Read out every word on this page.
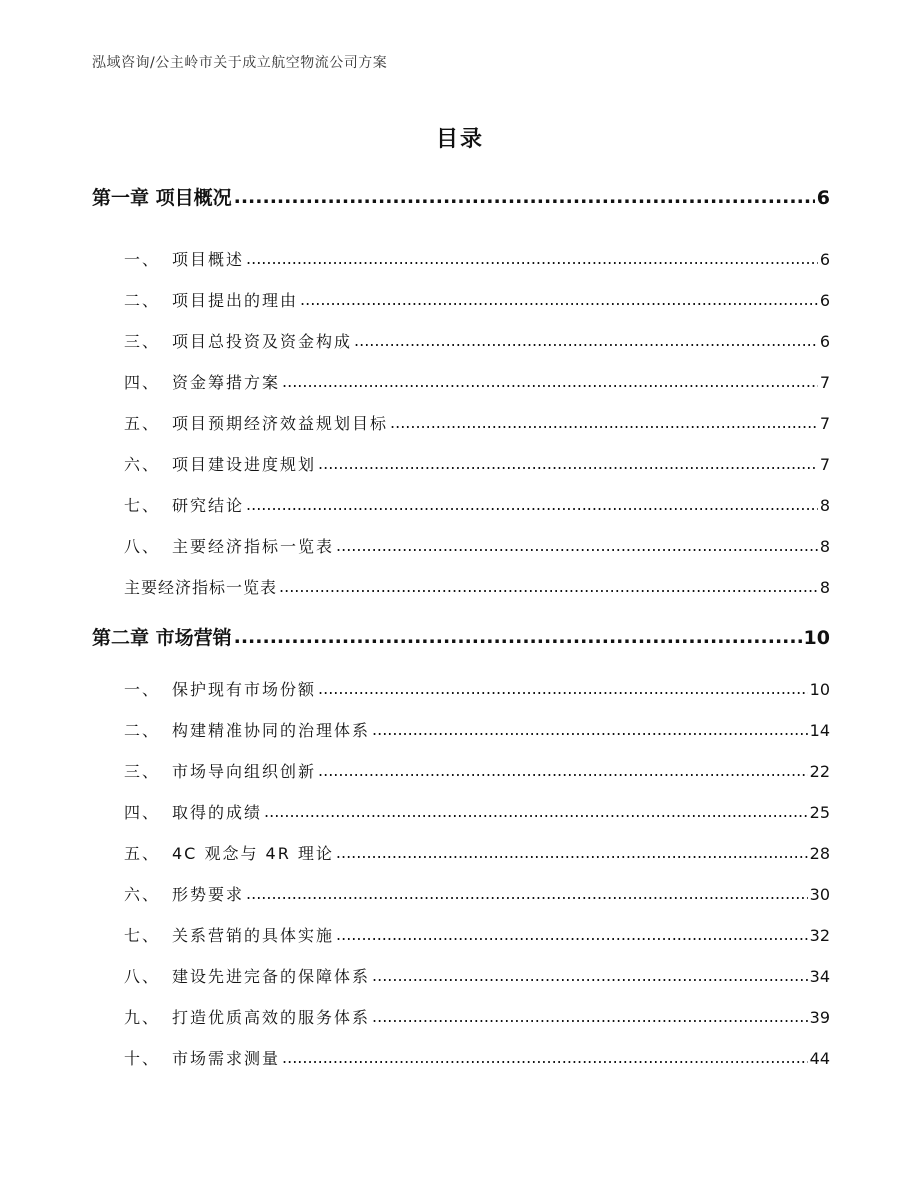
泓域咨询/公主岭市关于成立航空物流公司方案
目录
第一章 项目概况 .....	6
一、 项目概述 .....	6
二、 项目提出的理由 .....	6
三、 项目总投资及资金构成 .....	6
四、 资金筹措方案 .....	7
五、 项目预期经济效益规划目标 .....	7
六、 项目建设进度规划 .....	7
七、 研究结论 .....	8
八、 主要经济指标一览表 .....	8
主要经济指标一览表 .....	8
第二章 市场营销 .....	10
一、 保护现有市场份额 .....	10
二、 构建精准协同的治理体系 .....	14
三、 市场导向组织创新 .....	22
四、 取得的成绩 .....	25
五、 4C 观念与 4R 理论 .....	28
六、 形势要求 .....	30
七、 关系营销的具体实施 .....	32
八、 建设先进完备的保障体系 .....	34
九、 打造优质高效的服务体系 .....	39
十、 市场需求测量 .....	44
